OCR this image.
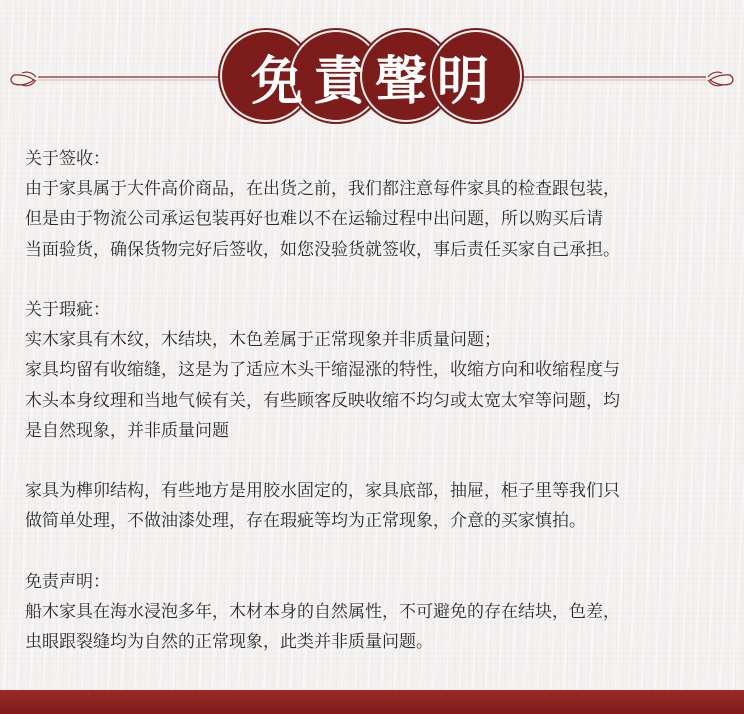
免責聲明
关于签收：
由于家具属于大件高价商品，在出货之前，我们都注意每件家具的检查跟包装，
但是由于物流公司承运包装再好也难以不在运输过程中出问题，所以购买后请
当面验货，确保货物完好后签收，如您没验货就签收，事后责任买家自己承担。
关于瑕疵：
实木家具有木纹，木结块，木色差属于正常现象并非质量问题；
家具均留有收缩缝，这是为了适应木头干缩湿涨的特性，收缩方向和收缩程度与
木头本身纹理和当地气候有关，有些顾客反映收缩不均匀或太宽太窄等问题，均
是自然现象，并非质量问题
家具为榫卯结构，有些地方是用胶水固定的，家具底部，抽屉，柜子里等我们只
做简单处理，不做油漆处理，存在瑕疵等均为正常现象，介意的买家慎拍。
免责声明：
船木家具在海水浸泡多年，木材本身的自然属性，不可避免的存在结块，色差，
虫眼跟裂缝均为自然的正常现象，此类并非质量问题。
